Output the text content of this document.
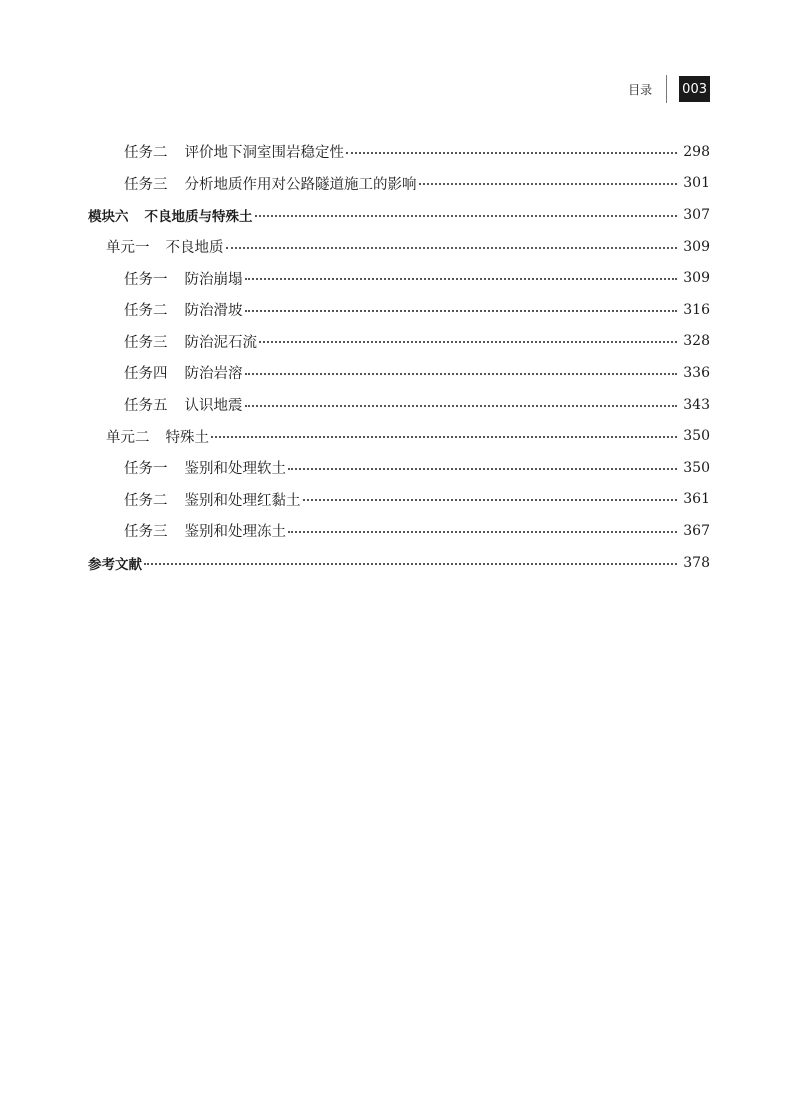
目录 003
任务二 评价地下洞室围岩稳定性	298
任务三 分析地质作用对公路隧道施工的影响	301
模块六 不良地质与特殊土	307
单元一 不良地质	309
任务一 防治崩塌	309
任务二 防治滑坡	316
任务三 防治泥石流	328
任务四 防治岩溶	336
任务五 认识地震	343
单元二 特殊土	350
任务一 鉴别和处理软土	350
任务二 鉴别和处理红黏土	361
任务三 鉴别和处理冻土	367
参考文献	378
